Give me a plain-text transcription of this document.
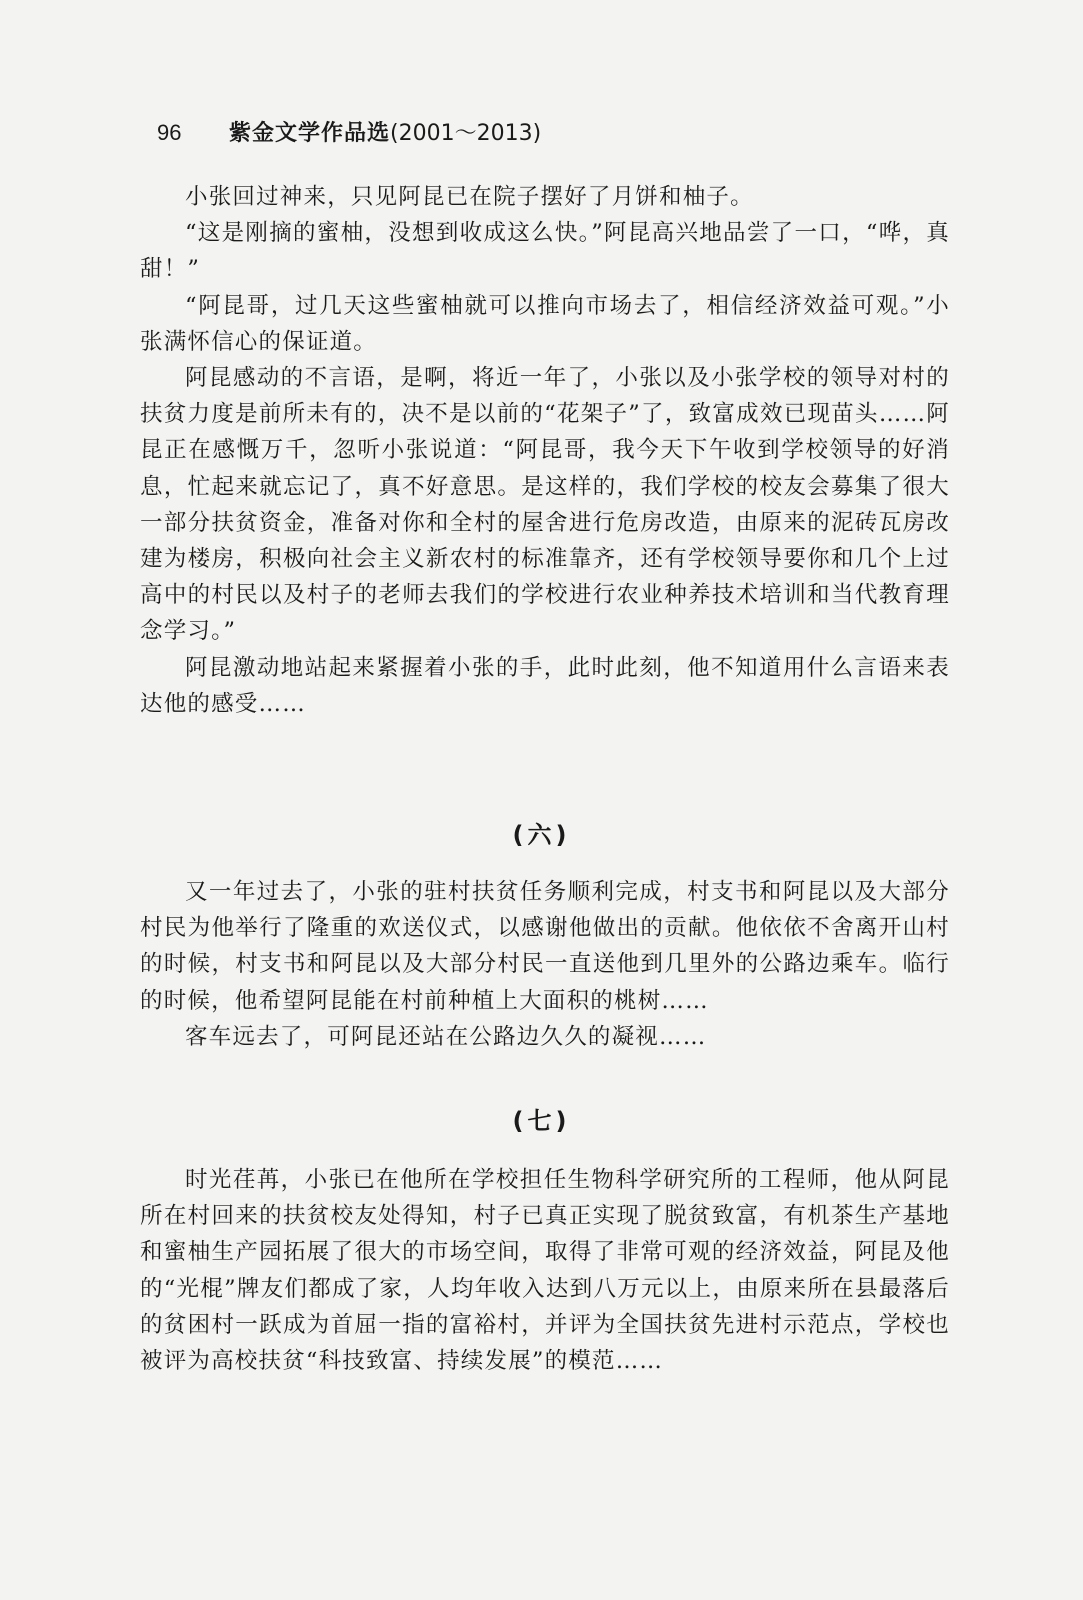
96 紫金文学作品选(2001～2013)

小张回过神来，只见阿昆已在院子摆好了月饼和柚子。

“这是刚摘的蜜柚，没想到收成这么快。”阿昆高兴地品尝了一口，“哗，真甜！”

“阿昆哥，过几天这些蜜柚就可以推向市场去了，相信经济效益可观。”小张满怀信心的保证道。

阿昆感动的不言语，是啊，将近一年了，小张以及小张学校的领导对村的扶贫力度是前所未有的，决不是以前的“花架子”了，致富成效已现苗头……阿昆正在感慨万千，忽听小张说道：“阿昆哥，我今天下午收到学校领导的好消息，忙起来就忘记了，真不好意思。是这样的，我们学校的校友会募集了很大一部分扶贫资金，准备对你和全村的屋舍进行危房改造，由原来的泥砖瓦房改建为楼房，积极向社会主义新农村的标准靠齐，还有学校领导要你和几个上过高中的村民以及村子的老师去我们的学校进行农业种养技术培训和当代教育理念学习。”

阿昆激动地站起来紧握着小张的手，此时此刻，他不知道用什么言语来表达他的感受……

(六)

又一年过去了，小张的驻村扶贫任务顺利完成，村支书和阿昆以及大部分村民为他举行了隆重的欢送仪式，以感谢他做出的贡献。他依依不舍离开山村的时候，村支书和阿昆以及大部分村民一直送他到几里外的公路边乘车。临行的时候，他希望阿昆能在村前种植上大面积的桃树……

客车远去了，可阿昆还站在公路边久久的凝视……

(七)

时光荏苒，小张已在他所在学校担任生物科学研究所的工程师，他从阿昆所在村回来的扶贫校友处得知，村子已真正实现了脱贫致富，有机茶生产基地和蜜柚生产园拓展了很大的市场空间，取得了非常可观的经济效益，阿昆及他的“光棍”牌友们都成了家，人均年收入达到八万元以上，由原来所在县最落后的贫困村一跃成为首屈一指的富裕村，并评为全国扶贫先进村示范点，学校也被评为高校扶贫“科技致富、持续发展”的模范……
